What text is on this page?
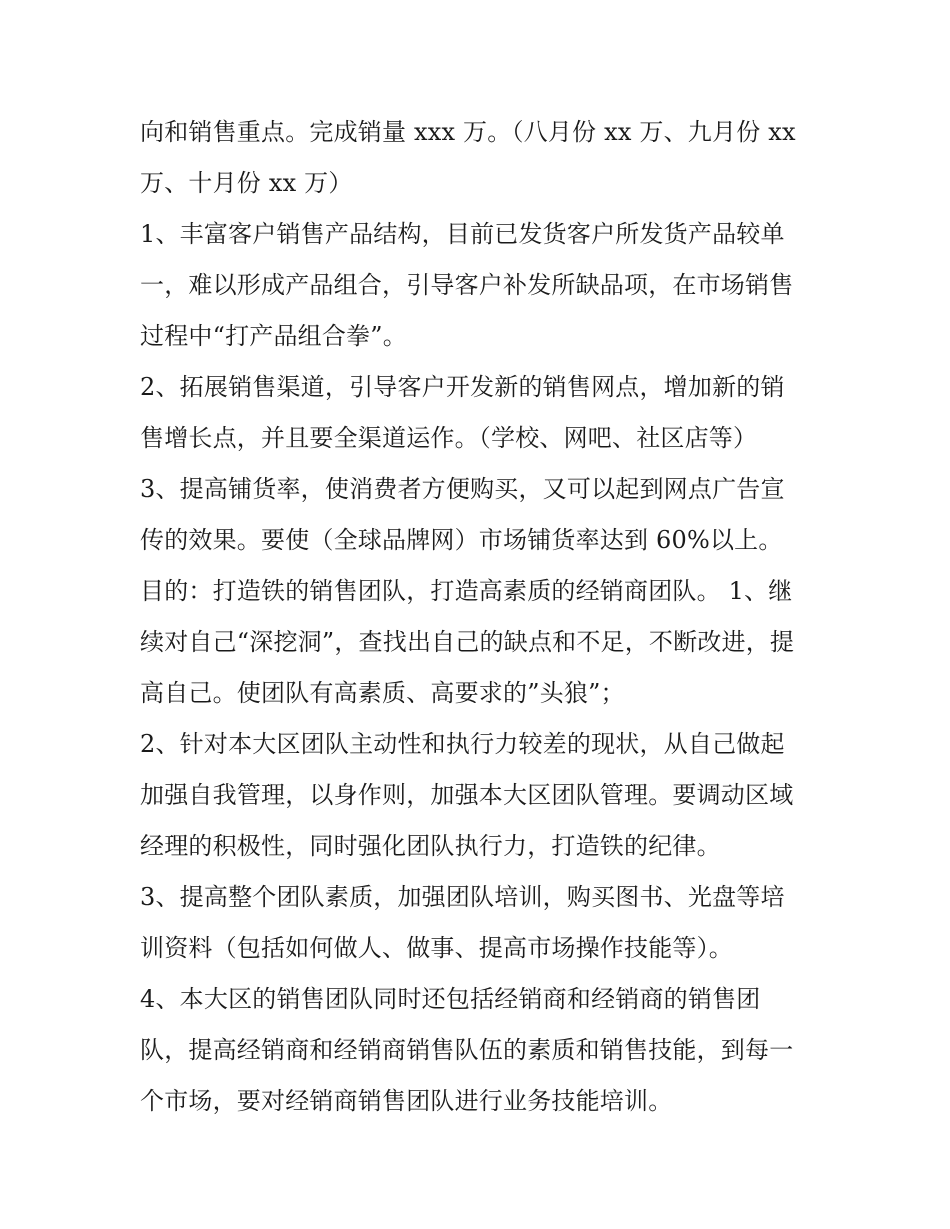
向和销售重点。完成销量 xxx 万。（八月份 xx 万、九月份 xx
万、十月份 xx 万）
1、丰富客户销售产品结构，目前已发货客户所发货产品较单
一，难以形成产品组合，引导客户补发所缺品项，在市场销售
过程中“打产品组合拳”。
2、拓展销售渠道，引导客户开发新的销售网点，增加新的销
售增长点，并且要全渠道运作。（学校、网吧、社区店等）
3、提高铺货率，使消费者方便购买，又可以起到网点广告宣
传的效果。要使（全球品牌网）市场铺货率达到 60%以上。
目的：打造铁的销售团队，打造高素质的经销商团队。 1、继
续对自己“深挖洞”，查找出自己的缺点和不足，不断改进，提
高自己。使团队有高素质、高要求的”头狼”；
2、针对本大区团队主动性和执行力较差的现状，从自己做起
加强自我管理，以身作则，加强本大区团队管理。要调动区域
经理的积极性，同时强化团队执行力，打造铁的纪律。
3、提高整个团队素质，加强团队培训，购买图书、光盘等培
训资料（包括如何做人、做事、提高市场操作技能等）。
4、本大区的销售团队同时还包括经销商和经销商的销售团
队，提高经销商和经销商销售队伍的素质和销售技能，到每一
个市场，要对经销商销售团队进行业务技能培训。
